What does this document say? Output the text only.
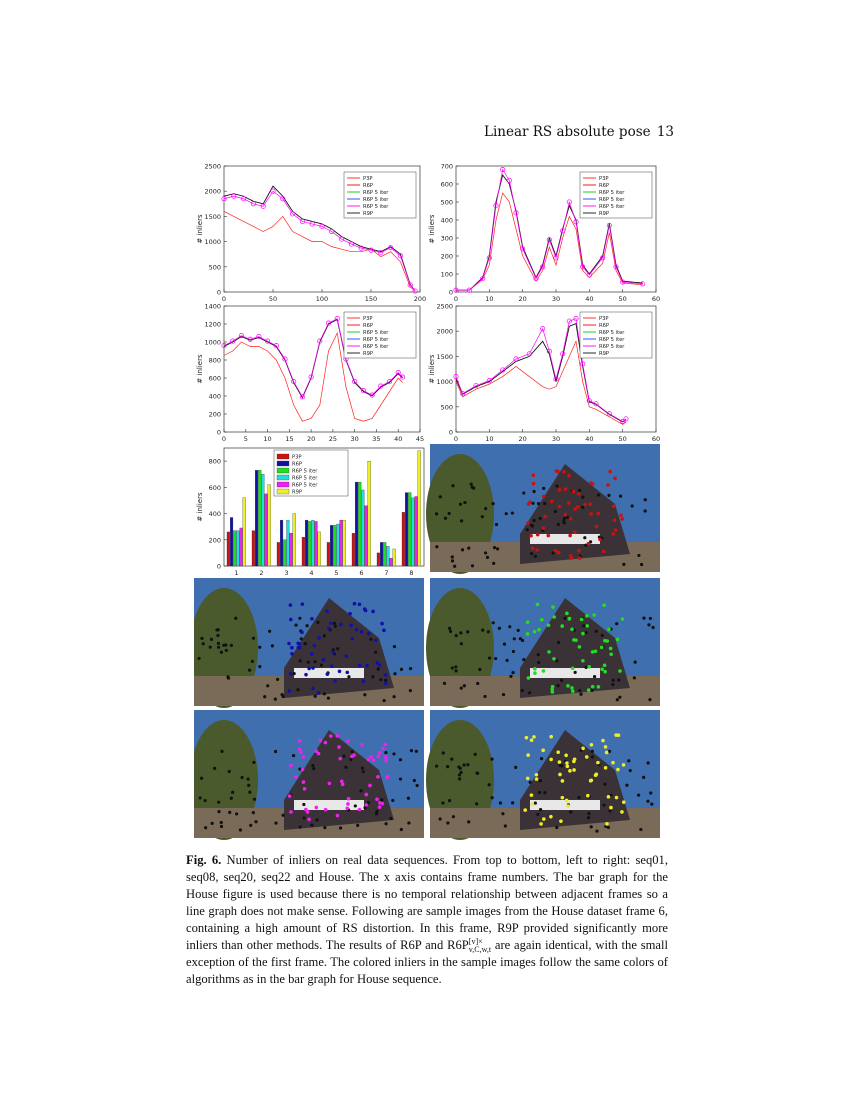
Linear RS absolute pose 13
0
500
1000
1500
2000
2500
# inliers
0	50	100	150	200
P3P
R6P
R6P 5 iter
R6P 5 iter
R6P 5 iter
R9P
0
100
200
300
400
500
600
700
# inliers
0	10	20	30	40	50	60
P3P
R6P
R6P 5 iter
R6P 5 iter
R6P 5 iter
R9P
0
200
400
600
800
1000
1200
1400
# inliers
0	5 10 15 20 25 30 35 40 45
P3P
R6P
R6P 5 iter
R6P 5 iter
R6P 5 iter
R9P
0
500
1000
1500
2000
2500
# inliers
0	10	20	30	40	50	60
P3P
R6P
R6P 5 iter
R6P 5 iter
R6P 5 iter
R9P
0
200
400
600
800
# inliers
1	2	3	4	5	6	7	8
P3P
R6P
R6P 5 iter
R6P 5 iter
R6P 5 iter
R9P
Fig. 6. Number of inliers on real data sequences. From top to bottom, left to right: seq01, seq08, seq20, seq22 and House. The x axis contains frame numbers. The bar graph for the House figure is used because there is no temporal relationship between adjacent frames so a line graph does not make sense. Following are sample images from the House dataset frame 6, containing a high amount of RS distortion. In this frame, R9P provided significantly more inliers than other methods. The results of R6P and R6P [v]×
v,C,w,t are again identical, with the small exception of the first frame. The colored inliers in the sample images follow the same colors of algorithms as in the bar graph for House sequence.
